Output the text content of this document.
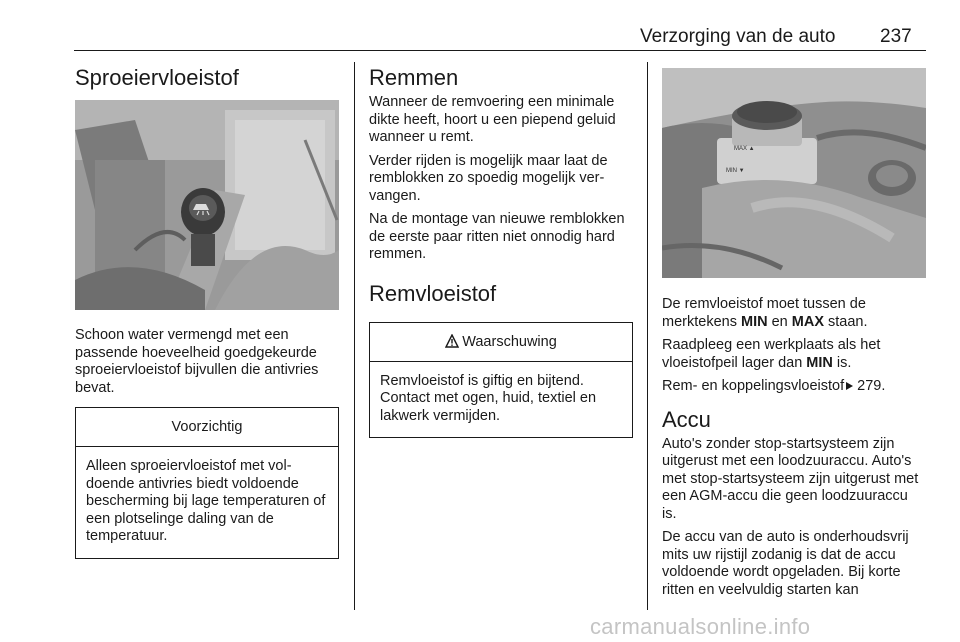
Verzorging van de auto 237
Sproeiervloeistof

Schoon water vermengd met een passende hoeveelheid goedgekeurde sproeiervloeistof bijvullen die antivries bevat.

Voorzichtig
Alleen sproeiervloeistof met voldoende antivries biedt voldoende bescherming bij lage temperaturen of een plotselinge daling van de temperatuur.
Remmen

Wanneer de remvoering een minimale dikte heeft, hoort u een piepend geluid wanneer u remt.

Verder rijden is mogelijk maar laat de remblokken zo spoedig mogelijk vervangen.

Na de montage van nieuwe remblokken de eerste paar ritten niet onnodig hard remmen.

Remvloeistof
Waarschuwing
Remvloeistof is giftig en bijtend. Contact met ogen, huid, textiel en lakwerk vermijden.
MAX ▲
MIN ▼

De remvloeistof moet tussen de merktekens MIN en MAX staan.

Raadpleeg een werkplaats als het vloeistofpeil lager dan MIN is.

Rem- en koppelingsvloeistof 279.

Accu

Auto's zonder stop-startsysteem zijn uitgerust met een loodzuuraccu. Auto's met stop-startsysteem zijn uitgerust met een AGM-accu die geen loodzuuraccu is.

De accu van de auto is onderhoudsvrij mits uw rijstijl zodanig is dat de accu voldoende wordt opgeladen. Bij korte ritten en veelvuldig starten kan

carmanualsonline.info
